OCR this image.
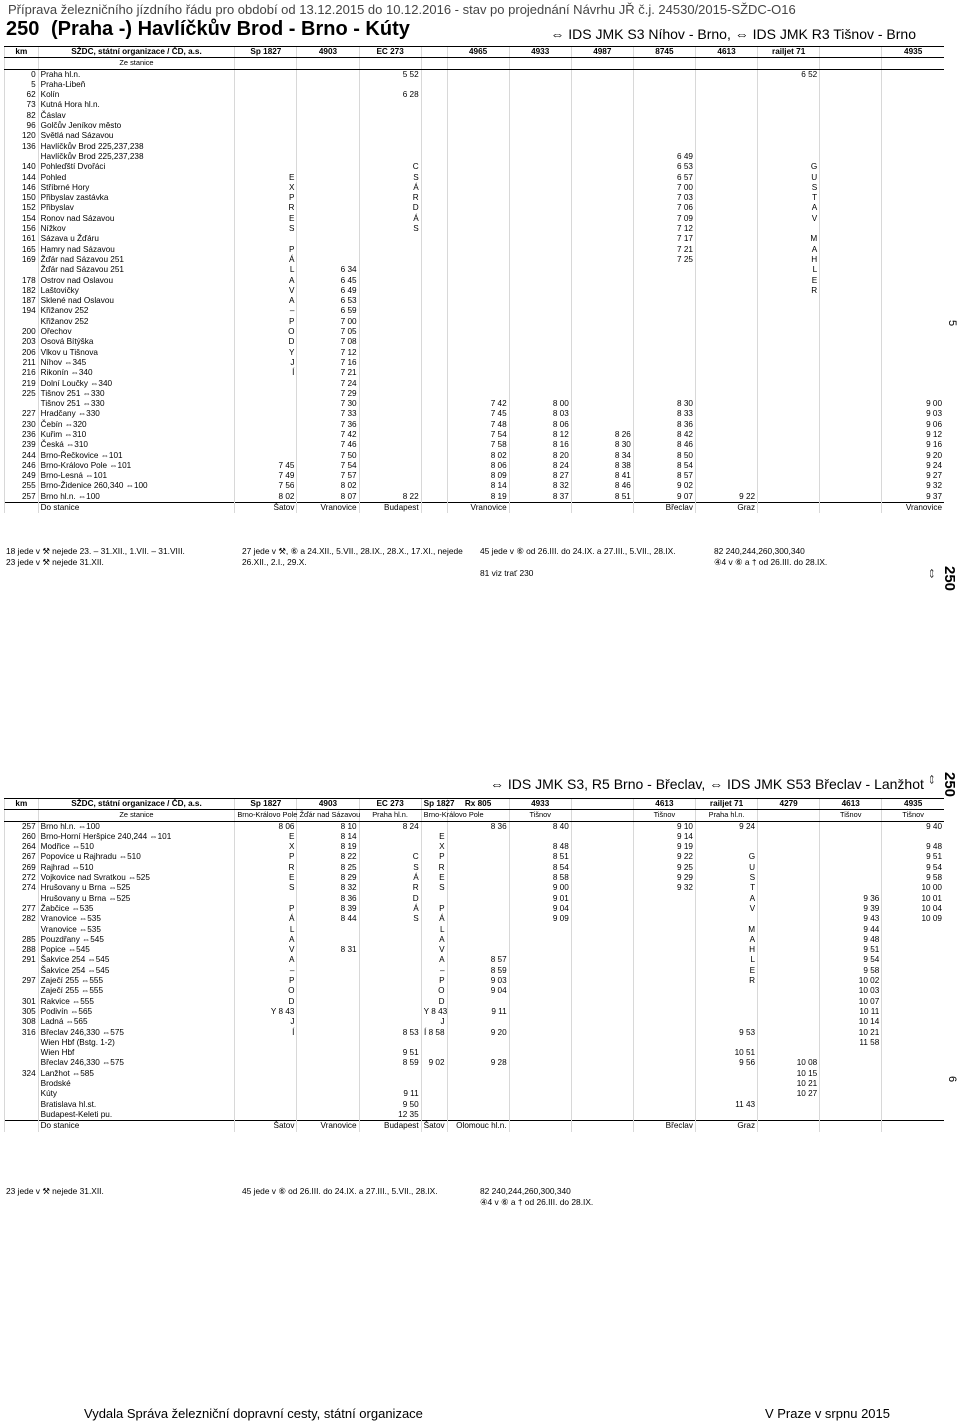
Příprava železničního jízdního řádu pro období od 13.12.2015 do 10.12.2016 - stav po projednání Návrhu JŘ č.j. 24530/2015-SŽDC-O16
250 (Praha -) Havlíčkův Brod - Brno - Kúty	⇔ IDS JMK S3 Níhov - Brno, ⇔ IDS JMK R3 Tišnov - Brno
⇔ IDS JMK S3, R5 Brno - Břeclav, ⇔ IDS JMK S53 Břeclav - Lanžhot
5
250 ⇔
250 ⇔
6
km	SŽDC, státní organizace / ČD, a.s.	Sp 1827	4903	EC 273		4965	4933	4987	8745	4613	railjet 71		4935
	Ze stanice												
0	Praha hl.n.			5 52							6 52		
5	Praha-Libeň												
62	Kolín			6 28									
73	Kutná Hora hl.n.												
82	Čáslav												
96	Golčův Jeníkov město												
120	Světlá nad Sázavou												
136	Havlíčkův Brod 225,237,238												
	Havlíčkův Brod 225,237,238								6 49				
140	Pohleďští Dvořáci			C					6 53		G		
144	Pohled	E		S					6 57		U		
146	Stříbrné Hory	X		Á					7 00		S		
150	Přibyslav zastávka	P		R					7 03		T		
152	Přibyslav	R		D					7 06		A		
154	Ronov nad Sázavou	E		Á					7 09		V		
156	Nížkov	S		S					7 12				
161	Sázava u Žďáru								7 17		M		
165	Hamry nad Sázavou	P							7 21		A		
169	Žďár nad Sázavou 251	Á							7 25		H		
	Žďár nad Sázavou 251	L	6 34								L		
178	Ostrov nad Oslavou	A	6 45								E		
182	Laštovičky	V	6 49								R		
187	Sklené nad Oslavou	A	6 53										
194	Křižanov 252	–	6 59										
	Křižanov 252	P	7 00										
200	Ořechov	O	7 05										
203	Osová Bítýška	D	7 08										
206	Vlkov u Tišnova	Y	7 12										
211	Níhov ⇔345	J	7 16										
216	Rikonín ⇔340	Í	7 21										
219	Dolní Loučky ⇔340		7 24										
225	Tišnov 251 ⇔330		7 29										
	Tišnov 251 ⇔330		7 30			7 42	8 00		8 30				9 00
227	Hradčany ⇔330		7 33			7 45	8 03		8 33				9 03
230	Čebín ⇔320		7 36			7 48	8 06		8 36				9 06
236	Kuřim ⇔310		7 42			7 54	8 12	8 26	8 42				9 12
239	Česká ⇔310		7 46			7 58	8 16	8 30	8 46				9 16
244	Brno-Řečkovice ⇔101		7 50			8 02	8 20	8 34	8 50				9 20
246	Brno-Královo Pole ⇔101	7 45	7 54			8 06	8 24	8 38	8 54				9 24
249	Brno-Lesná ⇔101	7 49	7 57			8 09	8 27	8 41	8 57				9 27
255	Brno-Židenice 260,340 ⇔100	7 56	8 02			8 14	8 32	8 46	9 02				9 32
257	Brno hl.n. ⇔100	8 02	8 07	8 22		8 19	8 37	8 51	9 07	9 22			9 37
	Do stanice	Šatov	Vranovice	Budapest		Vranovice			Břeclav	Graz			Vranovice
18 jede v ⚒ nejede 23. – 31.XII., 1.VII. – 31.VIII.
23 jede v ⚒ nejede 31.XII.
27 jede v ⚒, ⑥ a 24.XII., 5.VII., 28.IX., 28.X., 17.XI., nejede 26.XII., 2.I., 29.X.
45 jede v ⑥ od 26.III. do 24.IX. a 27.III., 5.VII., 28.IX.
81 viz trať 230
82 240,244,260,300,340
④4 v ⑥ a † od 26.III. do 28.IX.
km	SŽDC, státní organizace / ČD, a.s.	Sp 1827	4903	EC 273	Sp 1827	Rx 805	4933		4613	railjet 71	4279	4613	4935
	Ze stanice	Brno-Královo Pole	Žďár nad Sázavou	Praha hl.n.	Brno-Královo Pole		Tišnov		Tišnov	Praha hl.n.		Tišnov	Tišnov
257	Brno hl.n. ⇔100	8 06	8 10	8 24		8 36	8 40		9 10	9 24			9 40
260	Brno-Horní Heršpice 240,244 ⇔101	E	8 14		E				9 14				
264	Modřice ⇔510	X	8 19		X		8 48		9 19				9 48
267	Popovice u Rajhradu ⇔510	P	8 22	C	P		8 51		9 22	G			9 51
269	Rajhrad ⇔510	R	8 25	S	R		8 54		9 25	U			9 54
272	Vojkovice nad Svratkou ⇔525	E	8 29	Á	E		8 58		9 29	S			9 58
274	Hrušovany u Brna ⇔525	S	8 32	R	S		9 00		9 32	T			10 00
	Hrušovany u Brna ⇔525		8 36	D			9 01			A		9 36	10 01
277	Žabčice ⇔535	P	8 39	Á	P		9 04			V		9 39	10 04
282	Vranovice ⇔535	Á	8 44	S	Á		9 09					9 43	10 09
	Vranovice ⇔535	L			L					M		9 44	
285	Pouzdřany ⇔545	A			A					A		9 48	
288	Popice ⇔545	V	8 31		V					H		9 51	
291	Šakvice 254 ⇔545	A			A	8 57				L		9 54	
	Šakvice 254 ⇔545	–			–	8 59				E		9 58	
297	Zaječí 255 ⇔555	P			P	9 03				R		10 02	
	Zaječí 255 ⇔555	O			O	9 04						10 03	
301	Rakvice ⇔555	D			D							10 07	
305	Podivín ⇔565	Y 8 43			Y 8 43	9 11						10 11	
308	Ladná ⇔565	J			J							10 14	
316	Břeclav 246,330 ⇔575	Í		8 53	Í 8 58	9 20				9 53		10 21	
	Wien Hbf (Bstg. 1-2)											11 58	
	Wien Hbf			9 51						10 51			
	Břeclav 246,330 ⇔575			8 59	9 02	9 28				9 56	10 08		
324	Lanžhot ⇔585										10 15		
	Brodské										10 21		
	Kúty			9 11							10 27		
	Bratislava hl.st.			9 50						11 43			
	Budapest-Keleti pu.			12 35									
	Do stanice	Šatov	Vranovice	Budapest	Šatov	Olomouc hl.n.			Břeclav	Graz			
23 jede v ⚒ nejede 31.XII.	45 jede v ⑥ od 26.III. do 24.IX. a 27.III., 5.VII., 28.IX.	82 240,244,260,300,340
④4 v ⑥ a † od 26.III. do 28.IX.
Vydala Správa železniční dopravní cesty, státní organizace	V Praze v srpnu 2015
